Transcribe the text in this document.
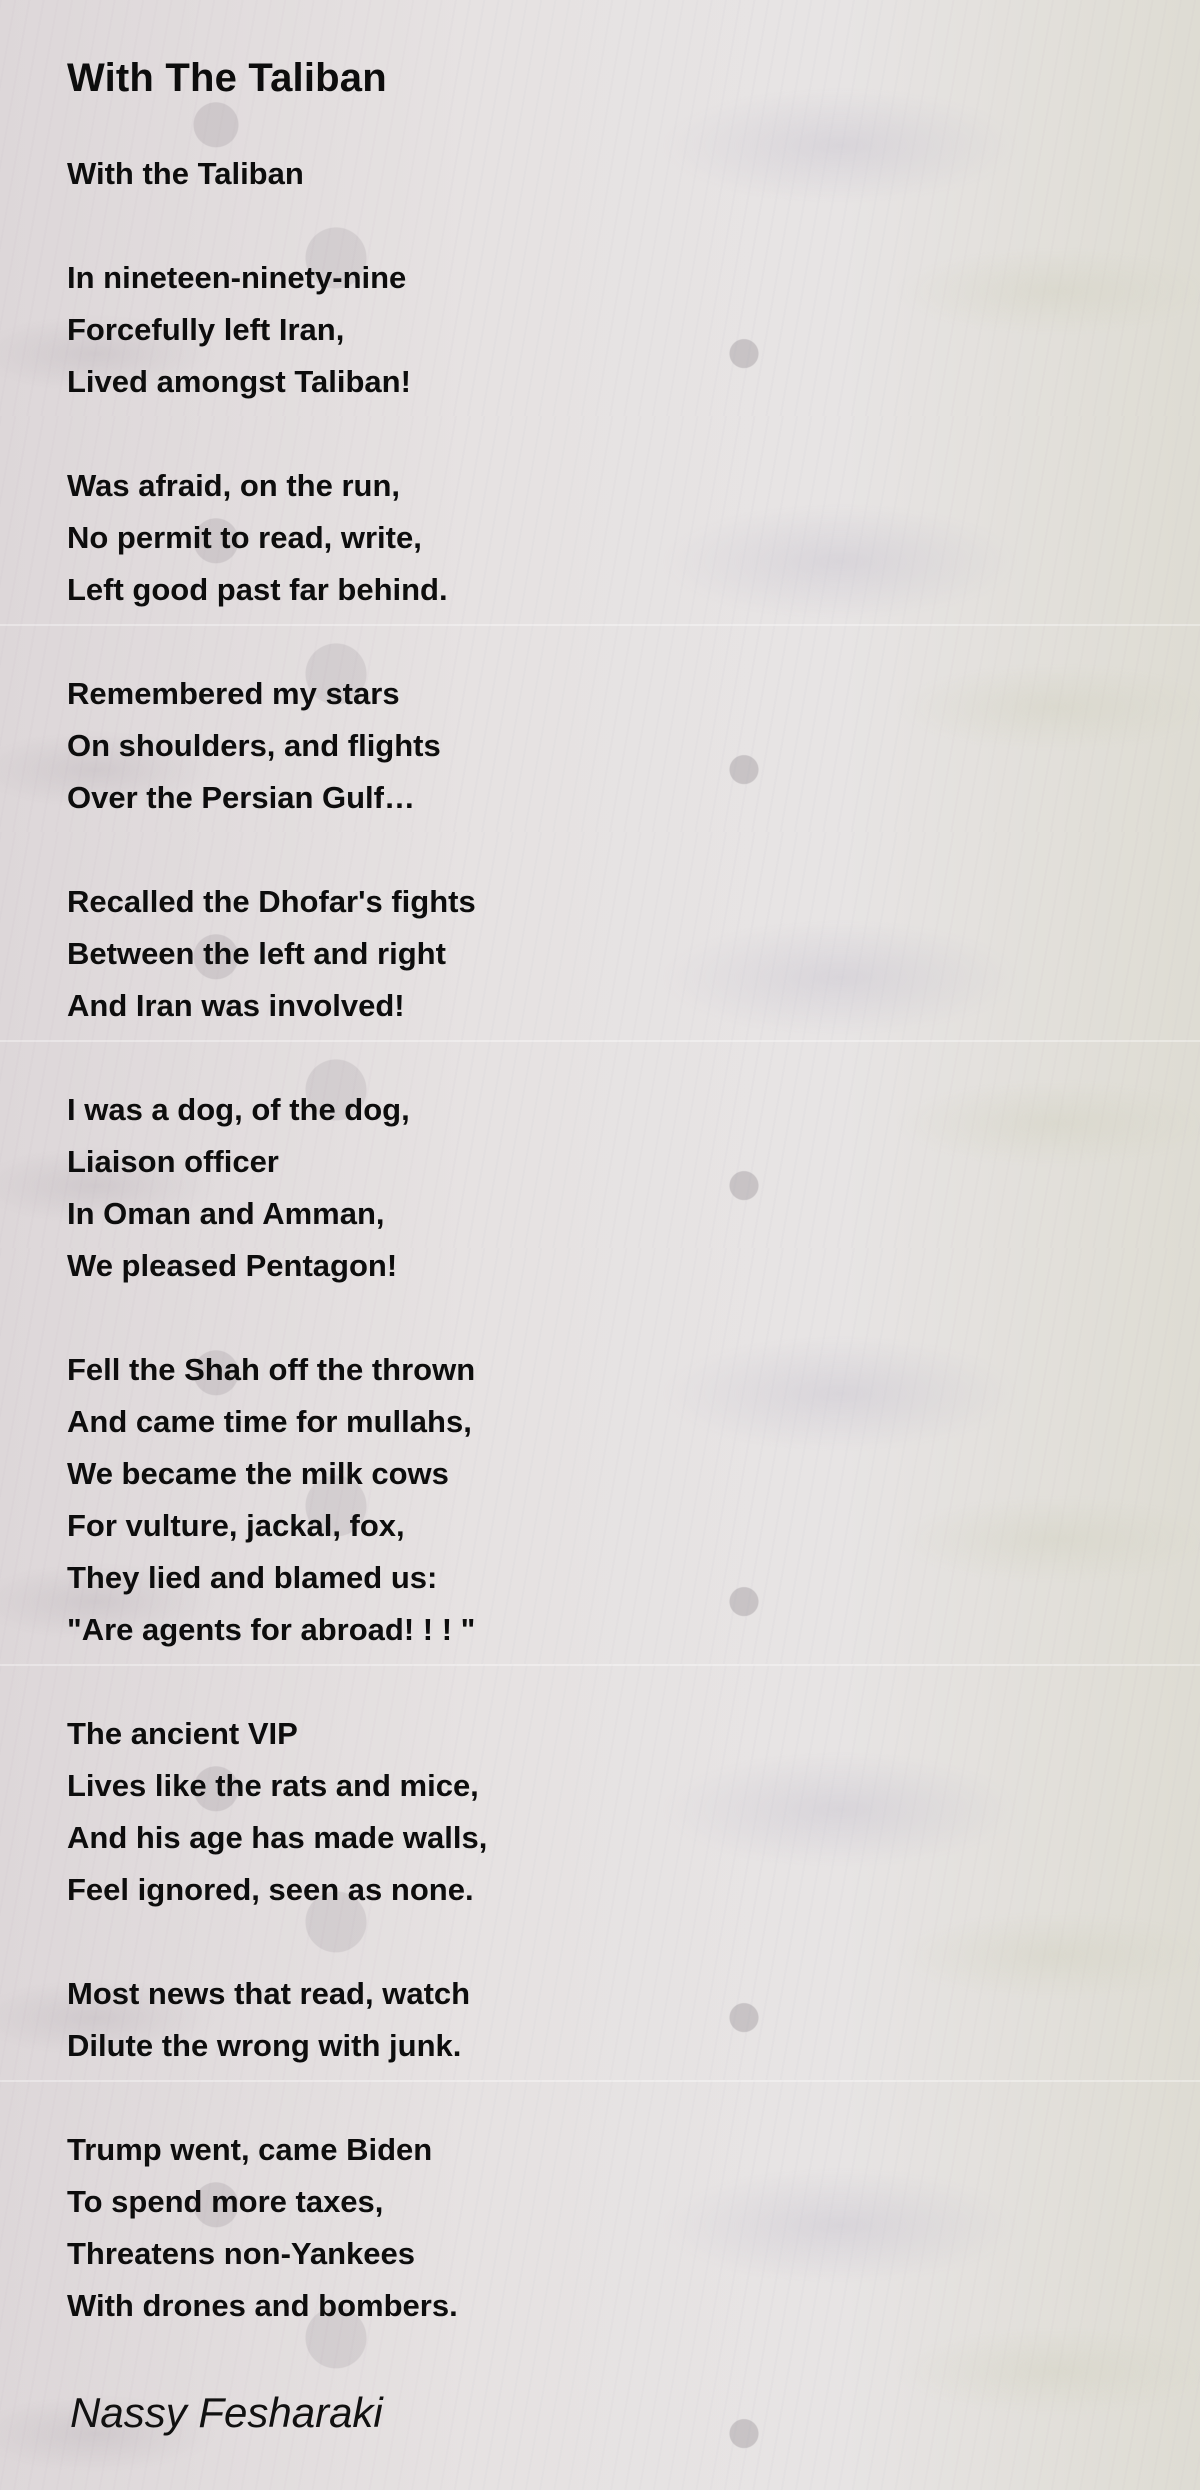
With The Taliban
With the Taliban
In nineteen-ninety-nine
Forcefully left Iran,
Lived amongst Taliban!
Was afraid, on the run,
No permit to read, write,
Left good past far behind.
Remembered my stars
On shoulders, and flights
Over the Persian Gulf…
Recalled the Dhofar's fights
Between the left and right
And Iran was involved!
I was a dog, of the dog,
Liaison officer
In Oman and Amman,
We pleased Pentagon!
Fell the Shah off the thrown
And came time for mullahs,
We became the milk cows
For vulture, jackal, fox,
They lied and blamed us:
"Are agents for abroad! ! ! "
The ancient VIP
Lives like the rats and mice,
And his age has made walls,
Feel ignored, seen as none.
Most news that read, watch
Dilute the wrong with junk.
Trump went, came Biden
To spend more taxes,
Threatens non-Yankees
With drones and bombers.
Nassy Fesharaki
